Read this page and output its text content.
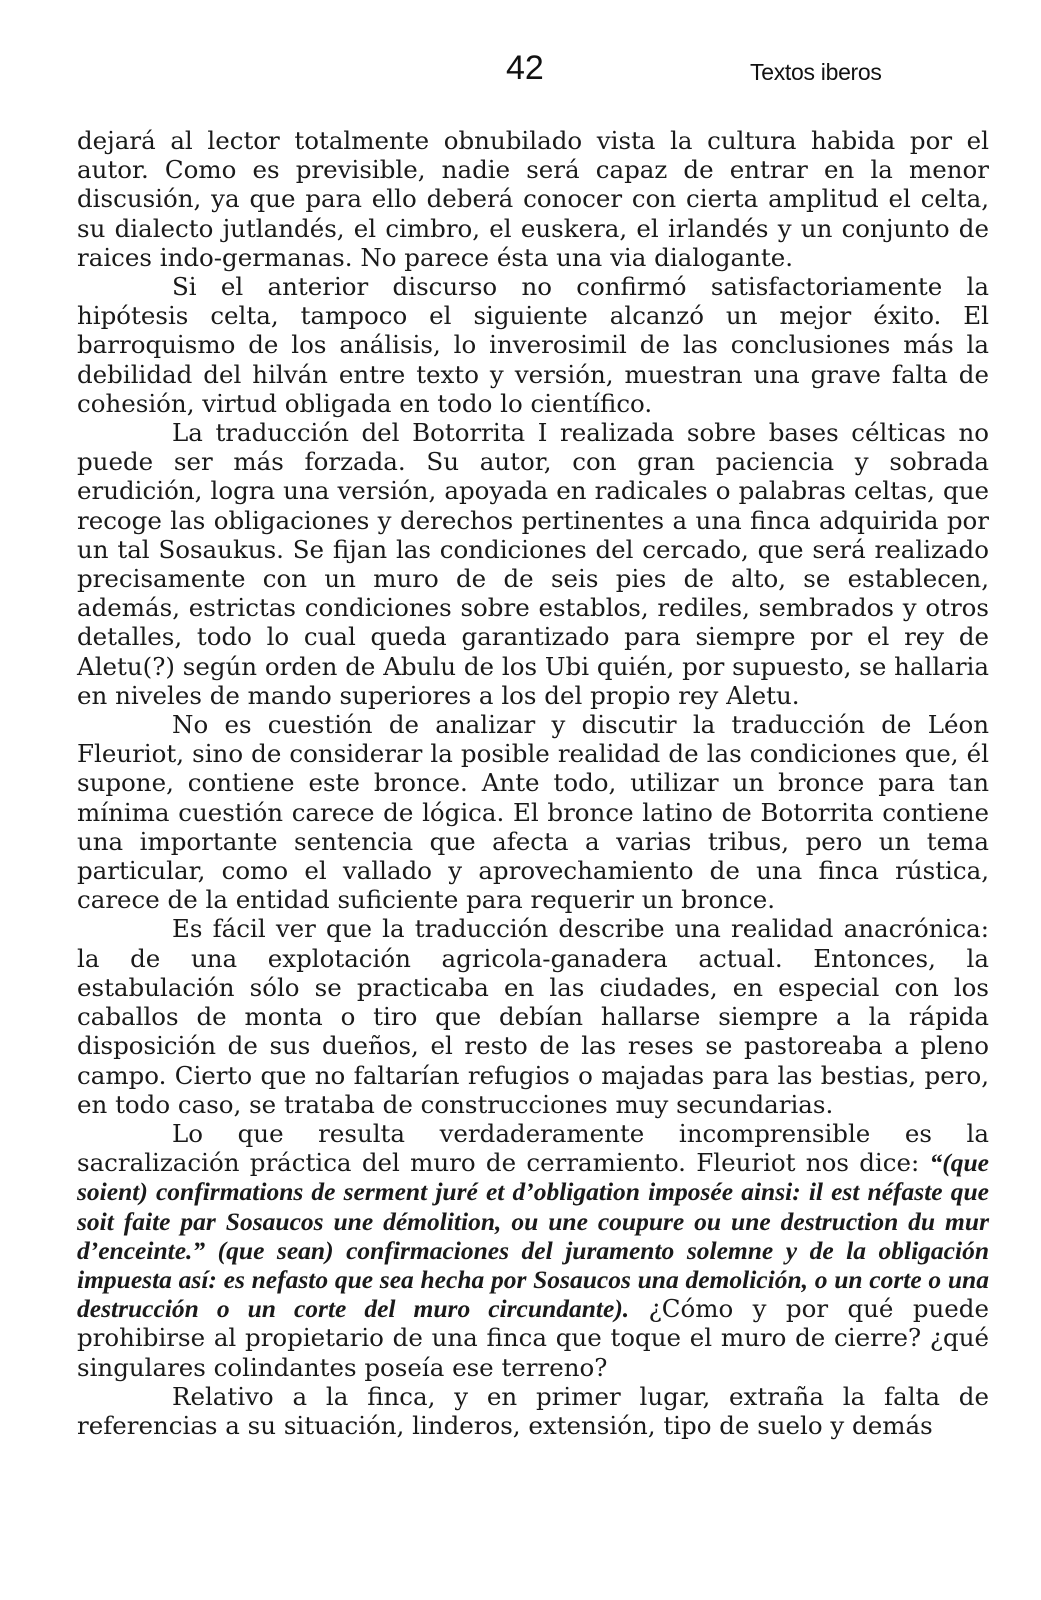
42	Textos iberos

dejará al lector totalmente obnubilado vista la cultura habida por el autor. Como es previsible, nadie será capaz de entrar en la menor discusión, ya que para ello deberá conocer con cierta amplitud el celta, su dialecto jutlandés, el cimbro, el euskera, el irlandés y un conjunto de raices indo-germanas. No parece ésta una via dialogante.

Si el anterior discurso no confirmó satisfactoriamente la hipótesis celta, tampoco el siguiente alcanzó un mejor éxito. El barroquismo de los análisis, lo inverosimil de las conclusiones más la debilidad del hilván entre texto y versión, muestran una grave falta de cohesión, virtud obligada en todo lo científico.

La traducción del Botorrita I realizada sobre bases célticas no puede ser más forzada. Su autor, con gran paciencia y sobrada erudición, logra una versión, apoyada en radicales o palabras celtas, que recoge las obligaciones y derechos pertinentes a una finca adquirida por un tal Sosaukus. Se fijan las condiciones del cercado, que será realizado precisamente con un muro de de seis pies de alto, se establecen, además, estrictas condiciones sobre establos, rediles, sembrados y otros detalles, todo lo cual queda garantizado para siempre por el rey de Aletu(?) según orden de Abulu de los Ubi quién, por supuesto, se hallaria en niveles de mando superiores a los del propio rey Aletu.

No es cuestión de analizar y discutir la traducción de Léon Fleuriot, sino de considerar la posible realidad de las condiciones que, él supone, contiene este bronce. Ante todo, utilizar un bronce para tan mínima cuestión carece de lógica. El bronce latino de Botorrita contiene una importante sentencia que afecta a varias tribus, pero un tema particular, como el vallado y aprovechamiento de una finca rústica, carece de la entidad suficiente para requerir un bronce.

Es fácil ver que la traducción describe una realidad anacrónica: la de una explotación agricola-ganadera actual. Entonces, la estabulación sólo se practicaba en las ciudades, en especial con los caballos de monta o tiro que debían hallarse siempre a la rápida disposición de sus dueños, el resto de las reses se pastoreaba a pleno campo. Cierto que no faltarían refugios o majadas para las bestias, pero, en todo caso, se trataba de construcciones muy secundarias.

Lo que resulta verdaderamente incomprensible es la sacralización práctica del muro de cerramiento. Fleuriot nos dice: “(que soient) confirmations de serment juré et d’obligation imposée ainsi: il est néfaste que soit faite par Sosaucos une démolition, ou une coupure ou une destruction du mur d’enceinte.” (que sean) confirmaciones del juramento solemne y de la obligación impuesta así: es nefasto que sea hecha por Sosaucos una demolición, o un corte o una destrucción o un corte del muro circundante). ¿Cómo y por qué puede prohibirse al propietario de una finca que toque el muro de cierre? ¿qué singulares colindantes poseía ese terreno?

Relativo a la finca, y en primer lugar, extraña la falta de referencias a su situación, linderos, extensión, tipo de suelo y demás
